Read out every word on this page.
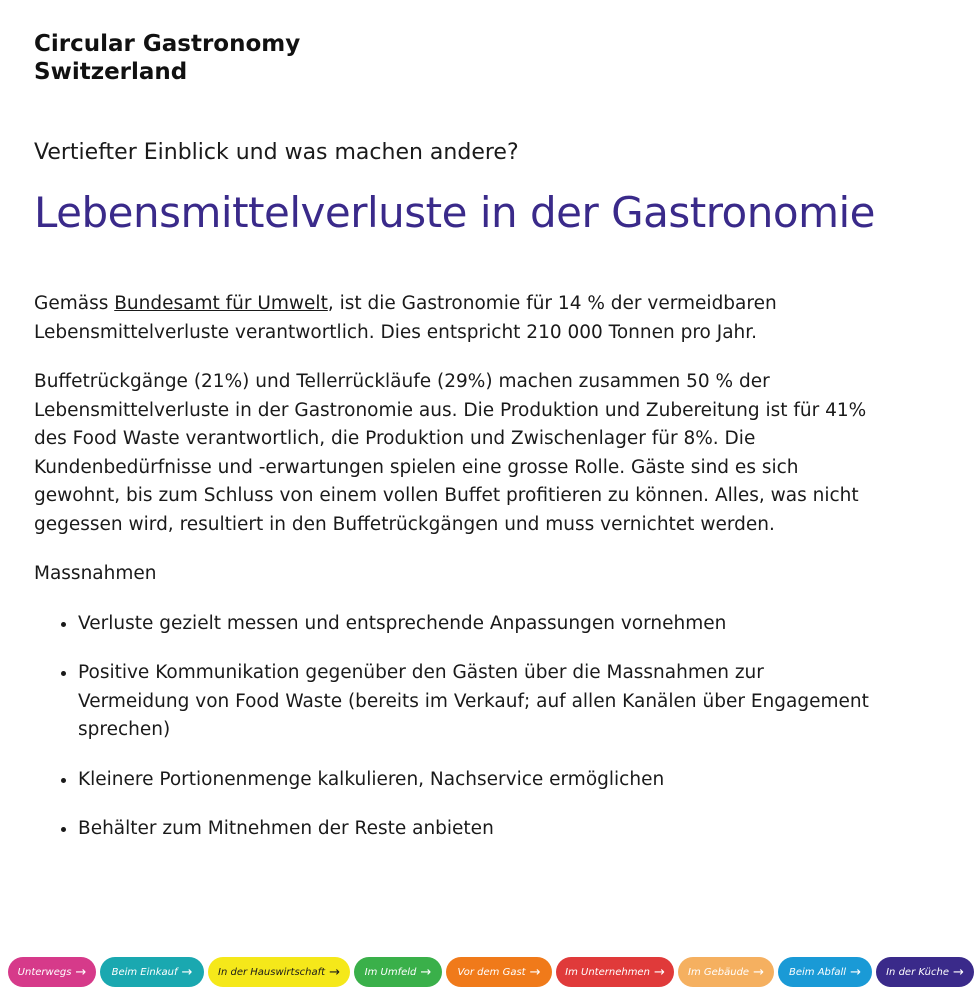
Circular Gastronomy
Switzerland
Vertiefter Einblick und was machen andere?
Lebensmittelverluste in der Gastronomie

Gemäss Bundesamt für Umwelt, ist die Gastronomie für 14 % der vermeidbaren Lebensmittelverluste verantwortlich. Dies entspricht 210 000 Tonnen pro Jahr.

Buffetrückgänge (21%) und Tellerrückläufe (29%) machen zusammen 50 % der Lebensmittelverluste in der Gastronomie aus. Die Produktion und Zubereitung ist für 41% des Food Waste verantwortlich, die Produktion und Zwischenlager für 8%. Die Kundenbedürfnisse und -erwartungen spielen eine grosse Rolle. Gäste sind es sich gewohnt, bis zum Schluss von einem vollen Buffet profitieren zu können. Alles, was nicht gegessen wird, resultiert in den Buffetrückgängen und muss vernichtet werden.

Massnahmen

• Verluste gezielt messen und entsprechende Anpassungen vornehmen
• Positive Kommunikation gegenüber den Gästen über die Massnahmen zur Vermeidung von Food Waste (bereits im Verkauf; auf allen Kanälen über Engagement sprechen)
• Kleinere Portionenmenge kalkulieren, Nachservice ermöglichen
• Behälter zum Mitnehmen der Reste anbieten
Unterwegs →	Beim Einkauf →	In der Hauswirtschaft → Im Umfeld →	Vor dem Gast → Im Unternehmen → Im Gebäude → Beim Abfall →	In der Küche →
